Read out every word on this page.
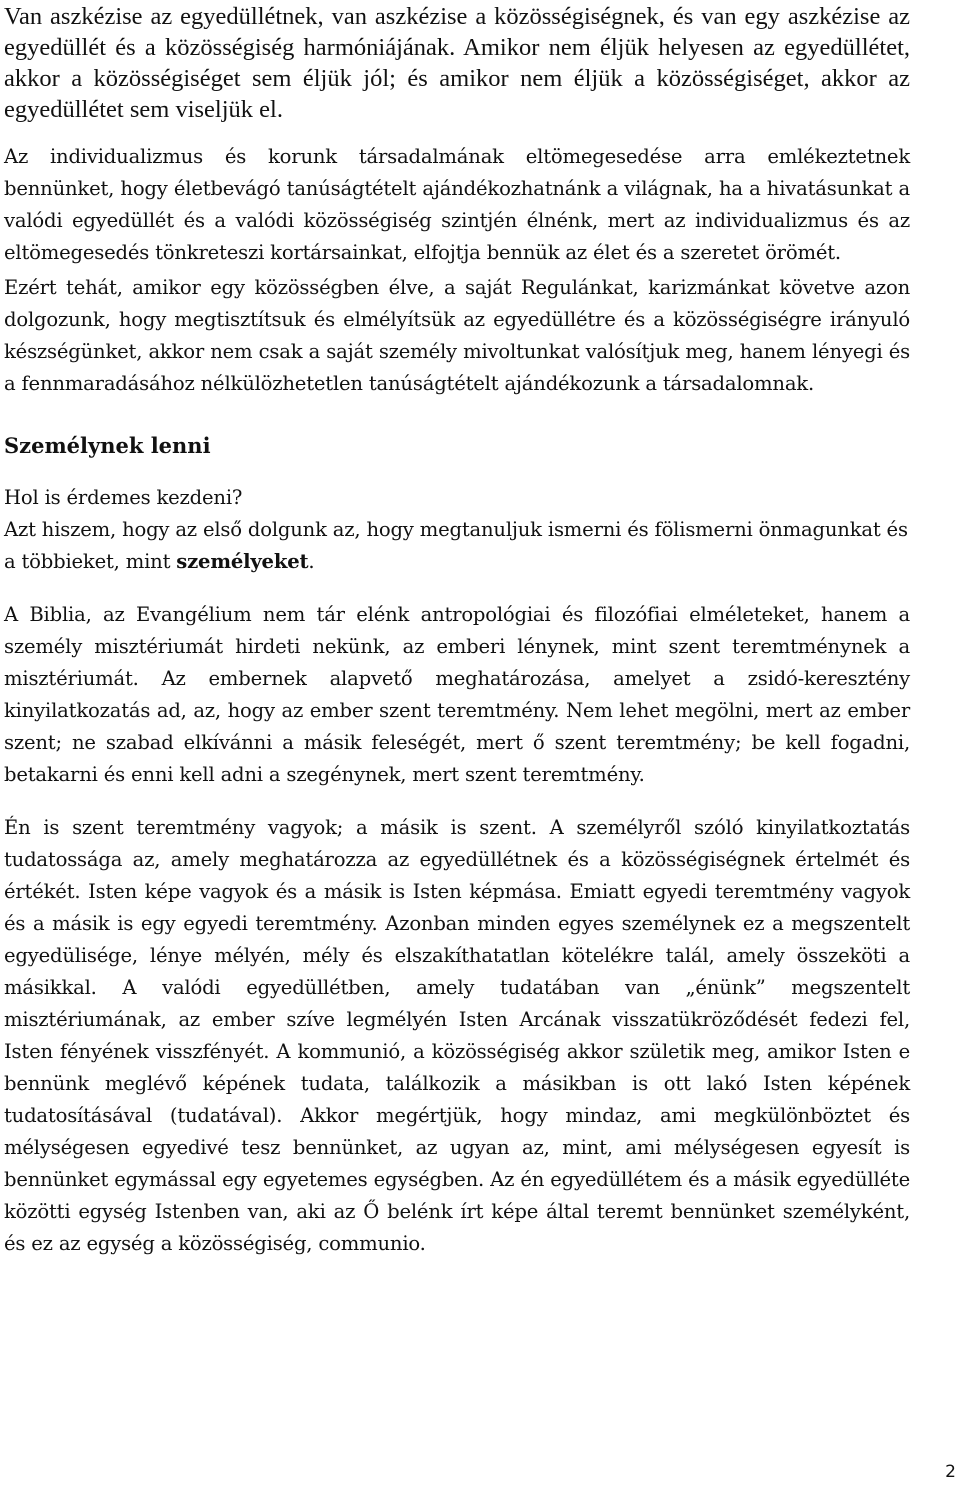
Van aszkézise az egyedüllétnek, van aszkézise a közösségiségnek, és van egy aszkézise az egyedüllét és a közösségiség harmóniájának. Amikor nem éljük helyesen az egyedüllétet, akkor a közösségiséget sem éljük jól; és amikor nem éljük a közösségiséget, akkor az egyedüllétet sem viseljük el.

Az individualizmus és korunk társadalmának eltömegesedése arra emlékeztetnek bennünket, hogy életbevágó tanúságtételt ajándékozhatnánk a világnak, ha a hivatásunkat a valódi egyedüllét és a valódi közösségiség szintjén élnénk, mert az individualizmus és az eltömegesedés tönkreteszi kortársainkat, elfojtja bennük az élet és a szeretet örömét.

Ezért tehát, amikor egy közösségben élve, a saját Regulánkat, karizmánkat követve azon dolgozunk, hogy megtisztítsuk és elmélyítsük az egyedüllétre és a közösségiségre irányuló készségünket, akkor nem csak a saját személy mivoltunkat valósítjuk meg, hanem lényegi és a fennmaradásához nélkülözhetetlen tanúságtételt ajándékozunk a társadalomnak.

Személynek lenni

Hol is érdemes kezdeni?

Azt hiszem, hogy az első dolgunk az, hogy megtanuljuk ismerni és fölismerni önmagunkat és a többieket, mint személyeket.

A Biblia, az Evangélium nem tár elénk antropológiai és filozófiai elméleteket, hanem a személy misztériumát hirdeti nekünk, az emberi lénynek, mint szent teremtménynek a misztériumát. Az embernek alapvető meghatározása, amelyet a zsidó-keresztény kinyilatkozatás ad, az, hogy az ember szent teremtmény. Nem lehet megölni, mert az ember szent; ne szabad elkívánni a másik feleségét, mert ő szent teremtmény; be kell fogadni, betakarni és enni kell adni a szegénynek, mert szent teremtmény.

Én is szent teremtmény vagyok; a másik is szent. A személyről szóló kinyilatkoztatás tudatossága az, amely meghatározza az egyedüllétnek és a közösségiségnek értelmét és értékét. Isten képe vagyok és a másik is Isten képmása. Emiatt egyedi teremtmény vagyok és a másik is egy egyedi teremtmény. Azonban minden egyes személynek ez a megszentelt egyedülisége, lénye mélyén, mély és elszakíthatatlan kötelékre talál, amely összeköti a másikkal. A valódi egyedüllétben, amely tudatában van „énünk” megszentelt misztériumának, az ember szíve legmélyén Isten Arcának visszatükröződését fedezi fel, Isten fényének visszfényét. A kommunió, a közösségiség akkor születik meg, amikor Isten e bennünk meglévő képének tudata, találkozik a másikban is ott lakó Isten képének tudatosításával (tudatával). Akkor megértjük, hogy mindaz, ami megkülönböztet és mélységesen egyedivé tesz bennünket, az ugyan az, mint, ami mélységesen egyesít is bennünket egymással egy egyetemes egységben. Az én egyedüllétem és a másik egyedülléte közötti egység Istenben van, aki az Ő belénk írt képe által teremt bennünket személyként, és ez az egység a közösségiség, communio.

2
